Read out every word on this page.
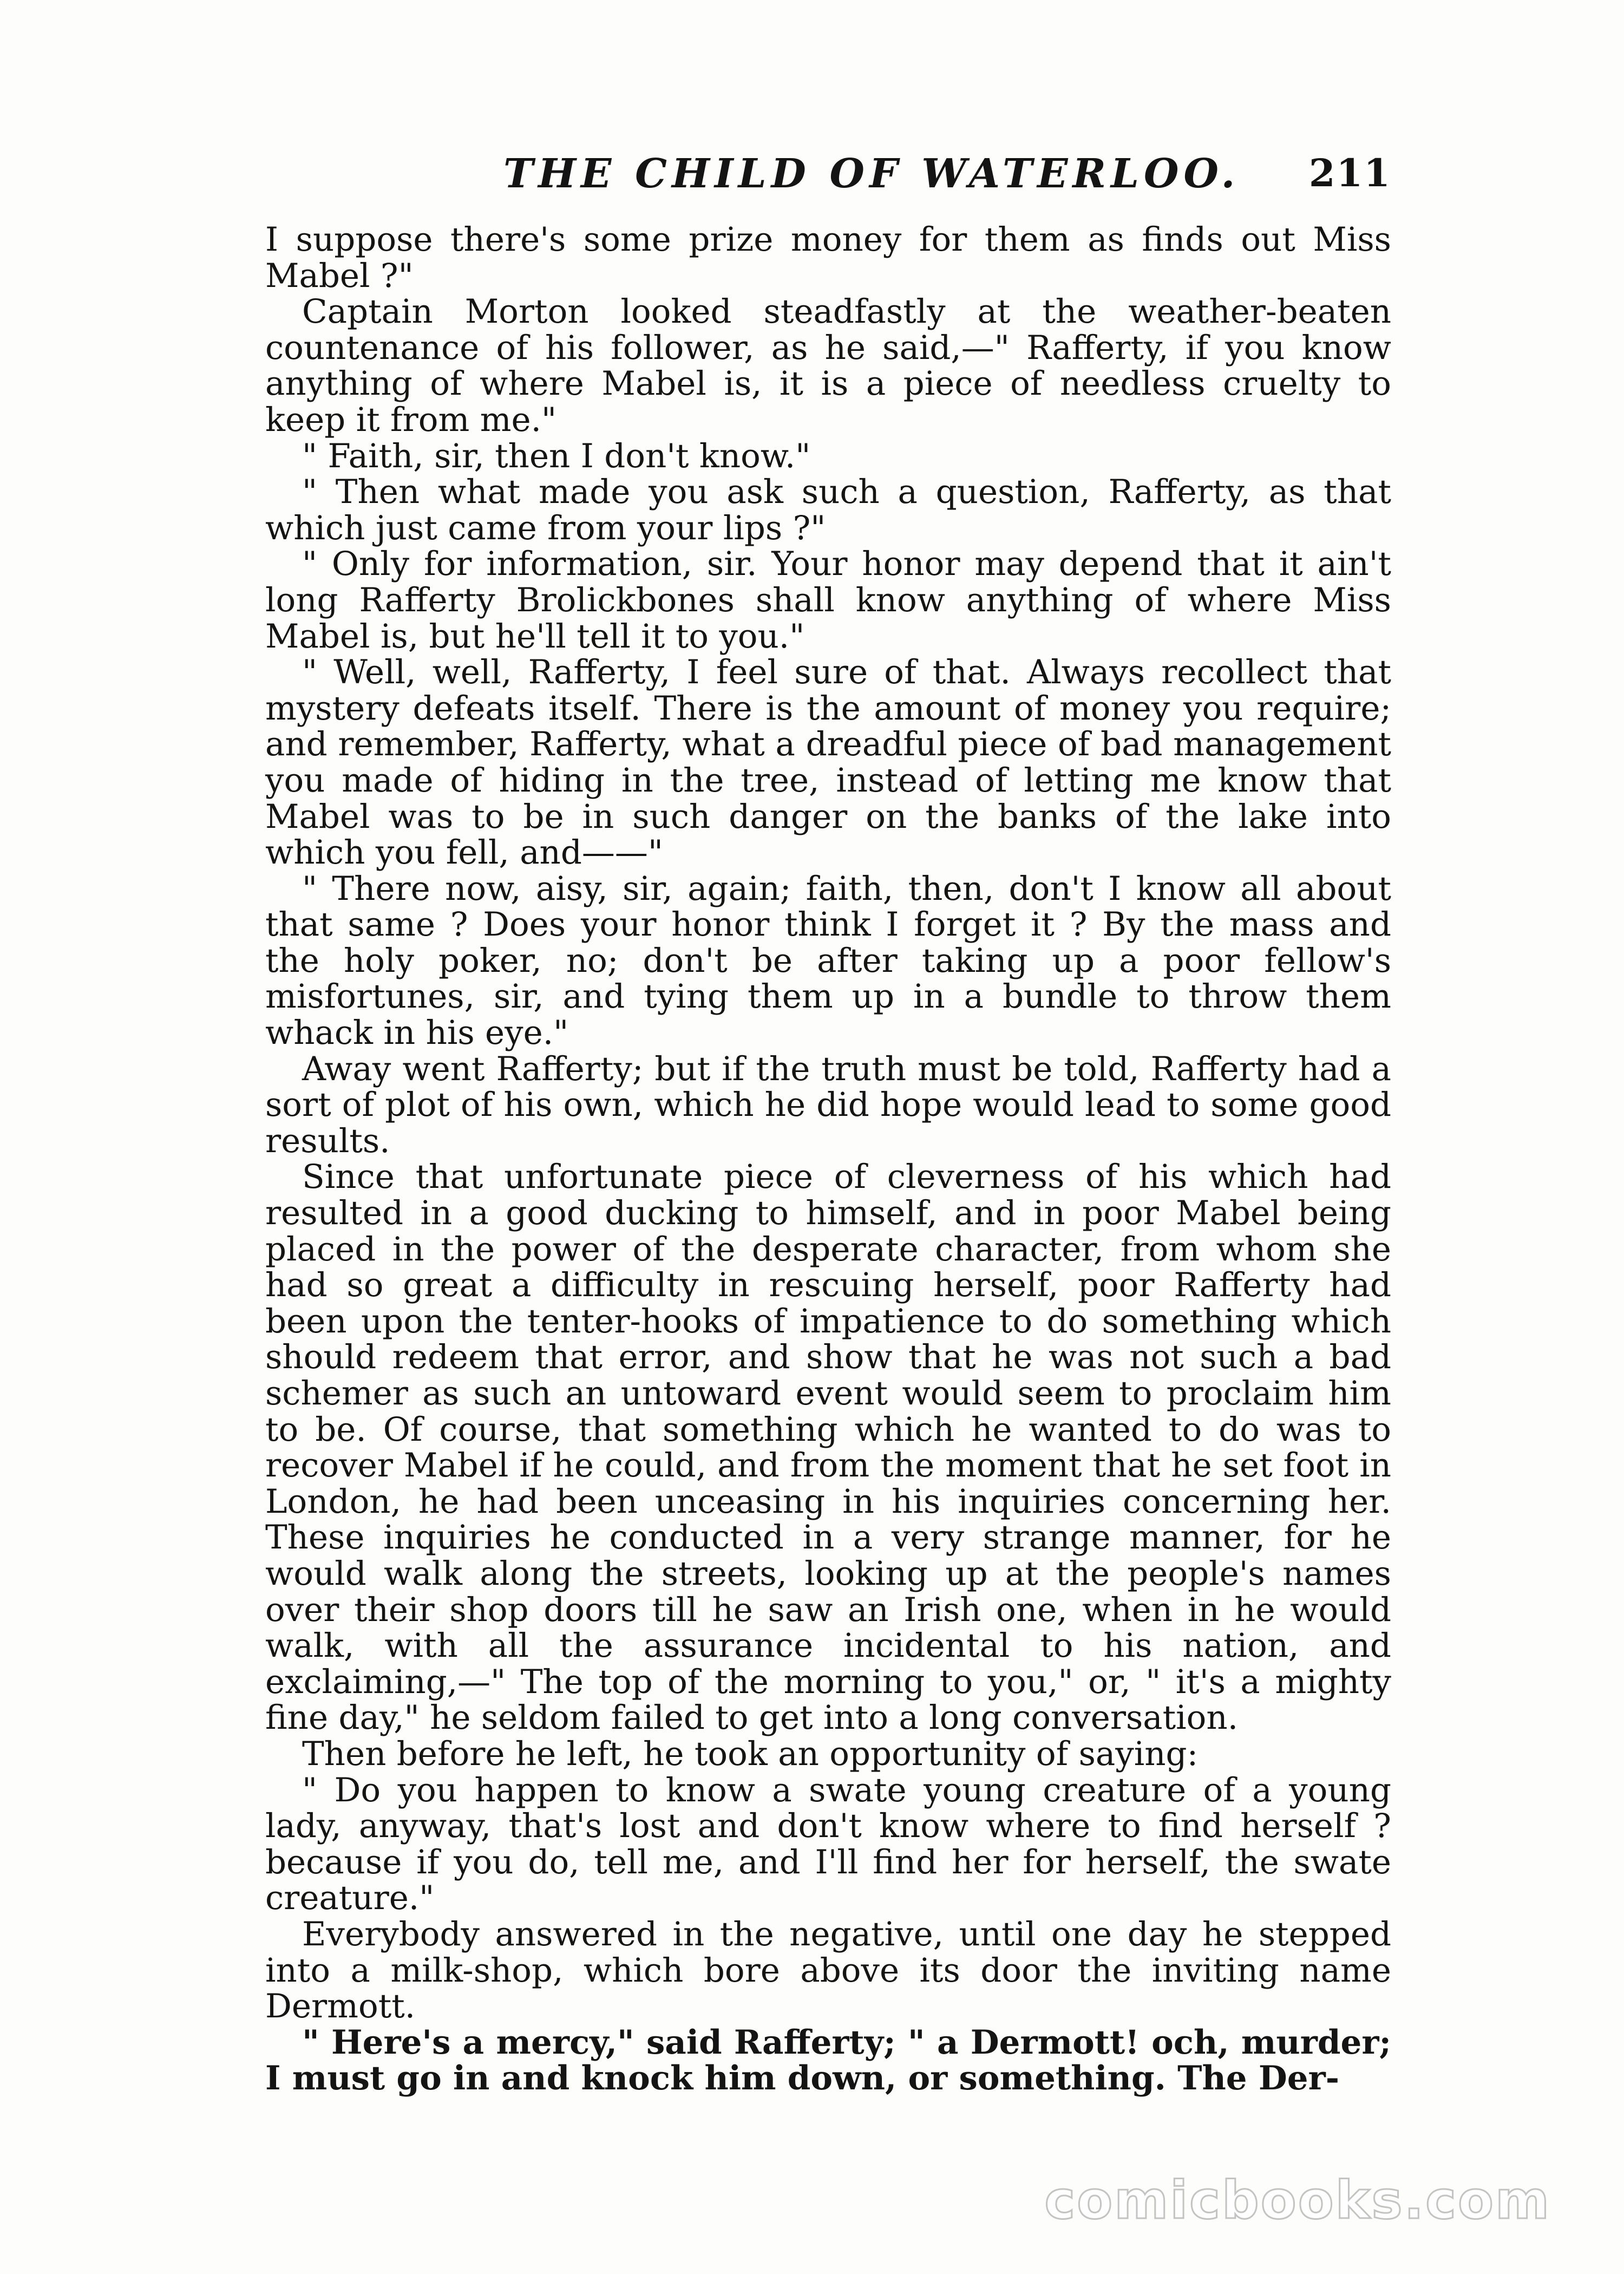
THE CHILD OF WATERLOO. 211

I suppose there's some prize money for them as finds out Miss Mabel ?"

Captain Morton looked steadfastly at the weather-beaten countenance of his follower, as he said,—" Rafferty, if you know anything of where Mabel is, it is a piece of needless cruelty to keep it from me."

" Faith, sir, then I don't know."

" Then what made you ask such a question, Rafferty, as that which just came from your lips ?"

" Only for information, sir. Your honor may depend that it ain't long Rafferty Brolickbones shall know anything of where Miss Mabel is, but he'll tell it to you."

" Well, well, Rafferty, I feel sure of that. Always recollect that mystery defeats itself. There is the amount of money you require; and remember, Rafferty, what a dreadful piece of bad management you made of hiding in the tree, instead of letting me know that Mabel was to be in such danger on the banks of the lake into which you fell, and——"

" There now, aisy, sir, again; faith, then, don't I know all about that same ? Does your honor think I forget it ? By the mass and the holy poker, no; don't be after taking up a poor fellow's misfortunes, sir, and tying them up in a bundle to throw them whack in his eye."

Away went Rafferty; but if the truth must be told, Rafferty had a sort of plot of his own, which he did hope would lead to some good results.

Since that unfortunate piece of cleverness of his which had resulted in a good ducking to himself, and in poor Mabel being placed in the power of the desperate character, from whom she had so great a difficulty in rescuing herself, poor Rafferty had been upon the tenter-hooks of impatience to do something which should redeem that error, and show that he was not such a bad schemer as such an untoward event would seem to proclaim him to be. Of course, that something which he wanted to do was to recover Mabel if he could, and from the moment that he set foot in London, he had been unceasing in his inquiries concerning her. These inquiries he conducted in a very strange manner, for he would walk along the streets, looking up at the people's names over their shop doors till he saw an Irish one, when in he would walk, with all the assurance incidental to his nation, and exclaiming,—" The top of the morning to you," or, " it's a mighty fine day," he seldom failed to get into a long conversation.

Then before he left, he took an opportunity of saying:

" Do you happen to know a swate young creature of a young lady, anyway, that's lost and don't know where to find herself ? because if you do, tell me, and I'll find her for herself, the swate creature."

Everybody answered in the negative, until one day he stepped into a milk-shop, which bore above its door the inviting name Dermott.

" Here's a mercy," said Rafferty; " a Dermott! och, murder; I must go in and knock him down, or something. The Der-

comicbooks.com
